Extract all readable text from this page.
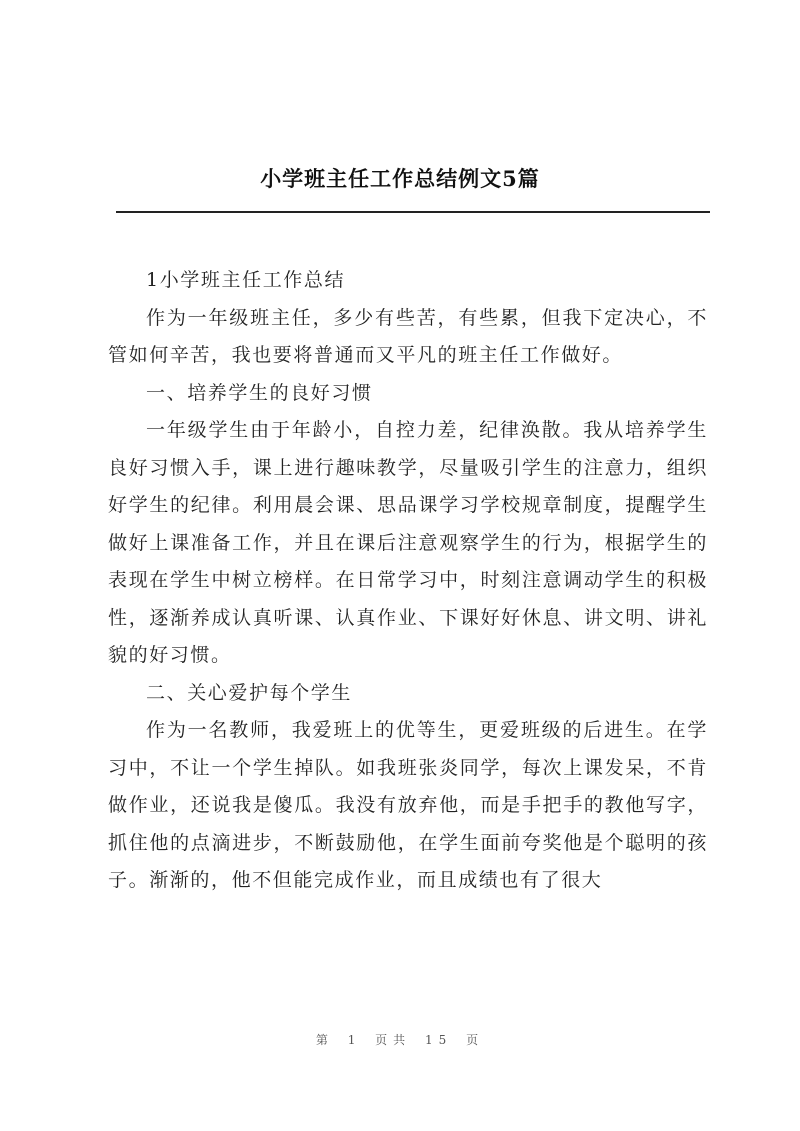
小学班主任工作总结例文5篇

1小学班主任工作总结

作为一年级班主任，多少有些苦，有些累，但我下定决心，不管如何辛苦，我也要将普通而又平凡的班主任工作做好。

一、培养学生的良好习惯

一年级学生由于年龄小，自控力差，纪律涣散。我从培养学生良好习惯入手，课上进行趣味教学，尽量吸引学生的注意力，组织好学生的纪律。利用晨会课、思品课学习学校规章制度，提醒学生做好上课准备工作，并且在课后注意观察学生的行为，根据学生的表现在学生中树立榜样。在日常学习中，时刻注意调动学生的积极性，逐渐养成认真听课、认真作业、下课好好休息、讲文明、讲礼貌的好习惯。

二、关心爱护每个学生

作为一名教师，我爱班上的优等生，更爱班级的后进生。在学习中，不让一个学生掉队。如我班张炎同学，每次上课发呆，不肯做作业，还说我是傻瓜。我没有放弃他，而是手把手的教他写字，抓住他的点滴进步，不断鼓励他，在学生面前夸奖他是个聪明的孩子。渐渐的，他不但能完成作业，而且成绩也有了很大

第 1 页共 15 页
